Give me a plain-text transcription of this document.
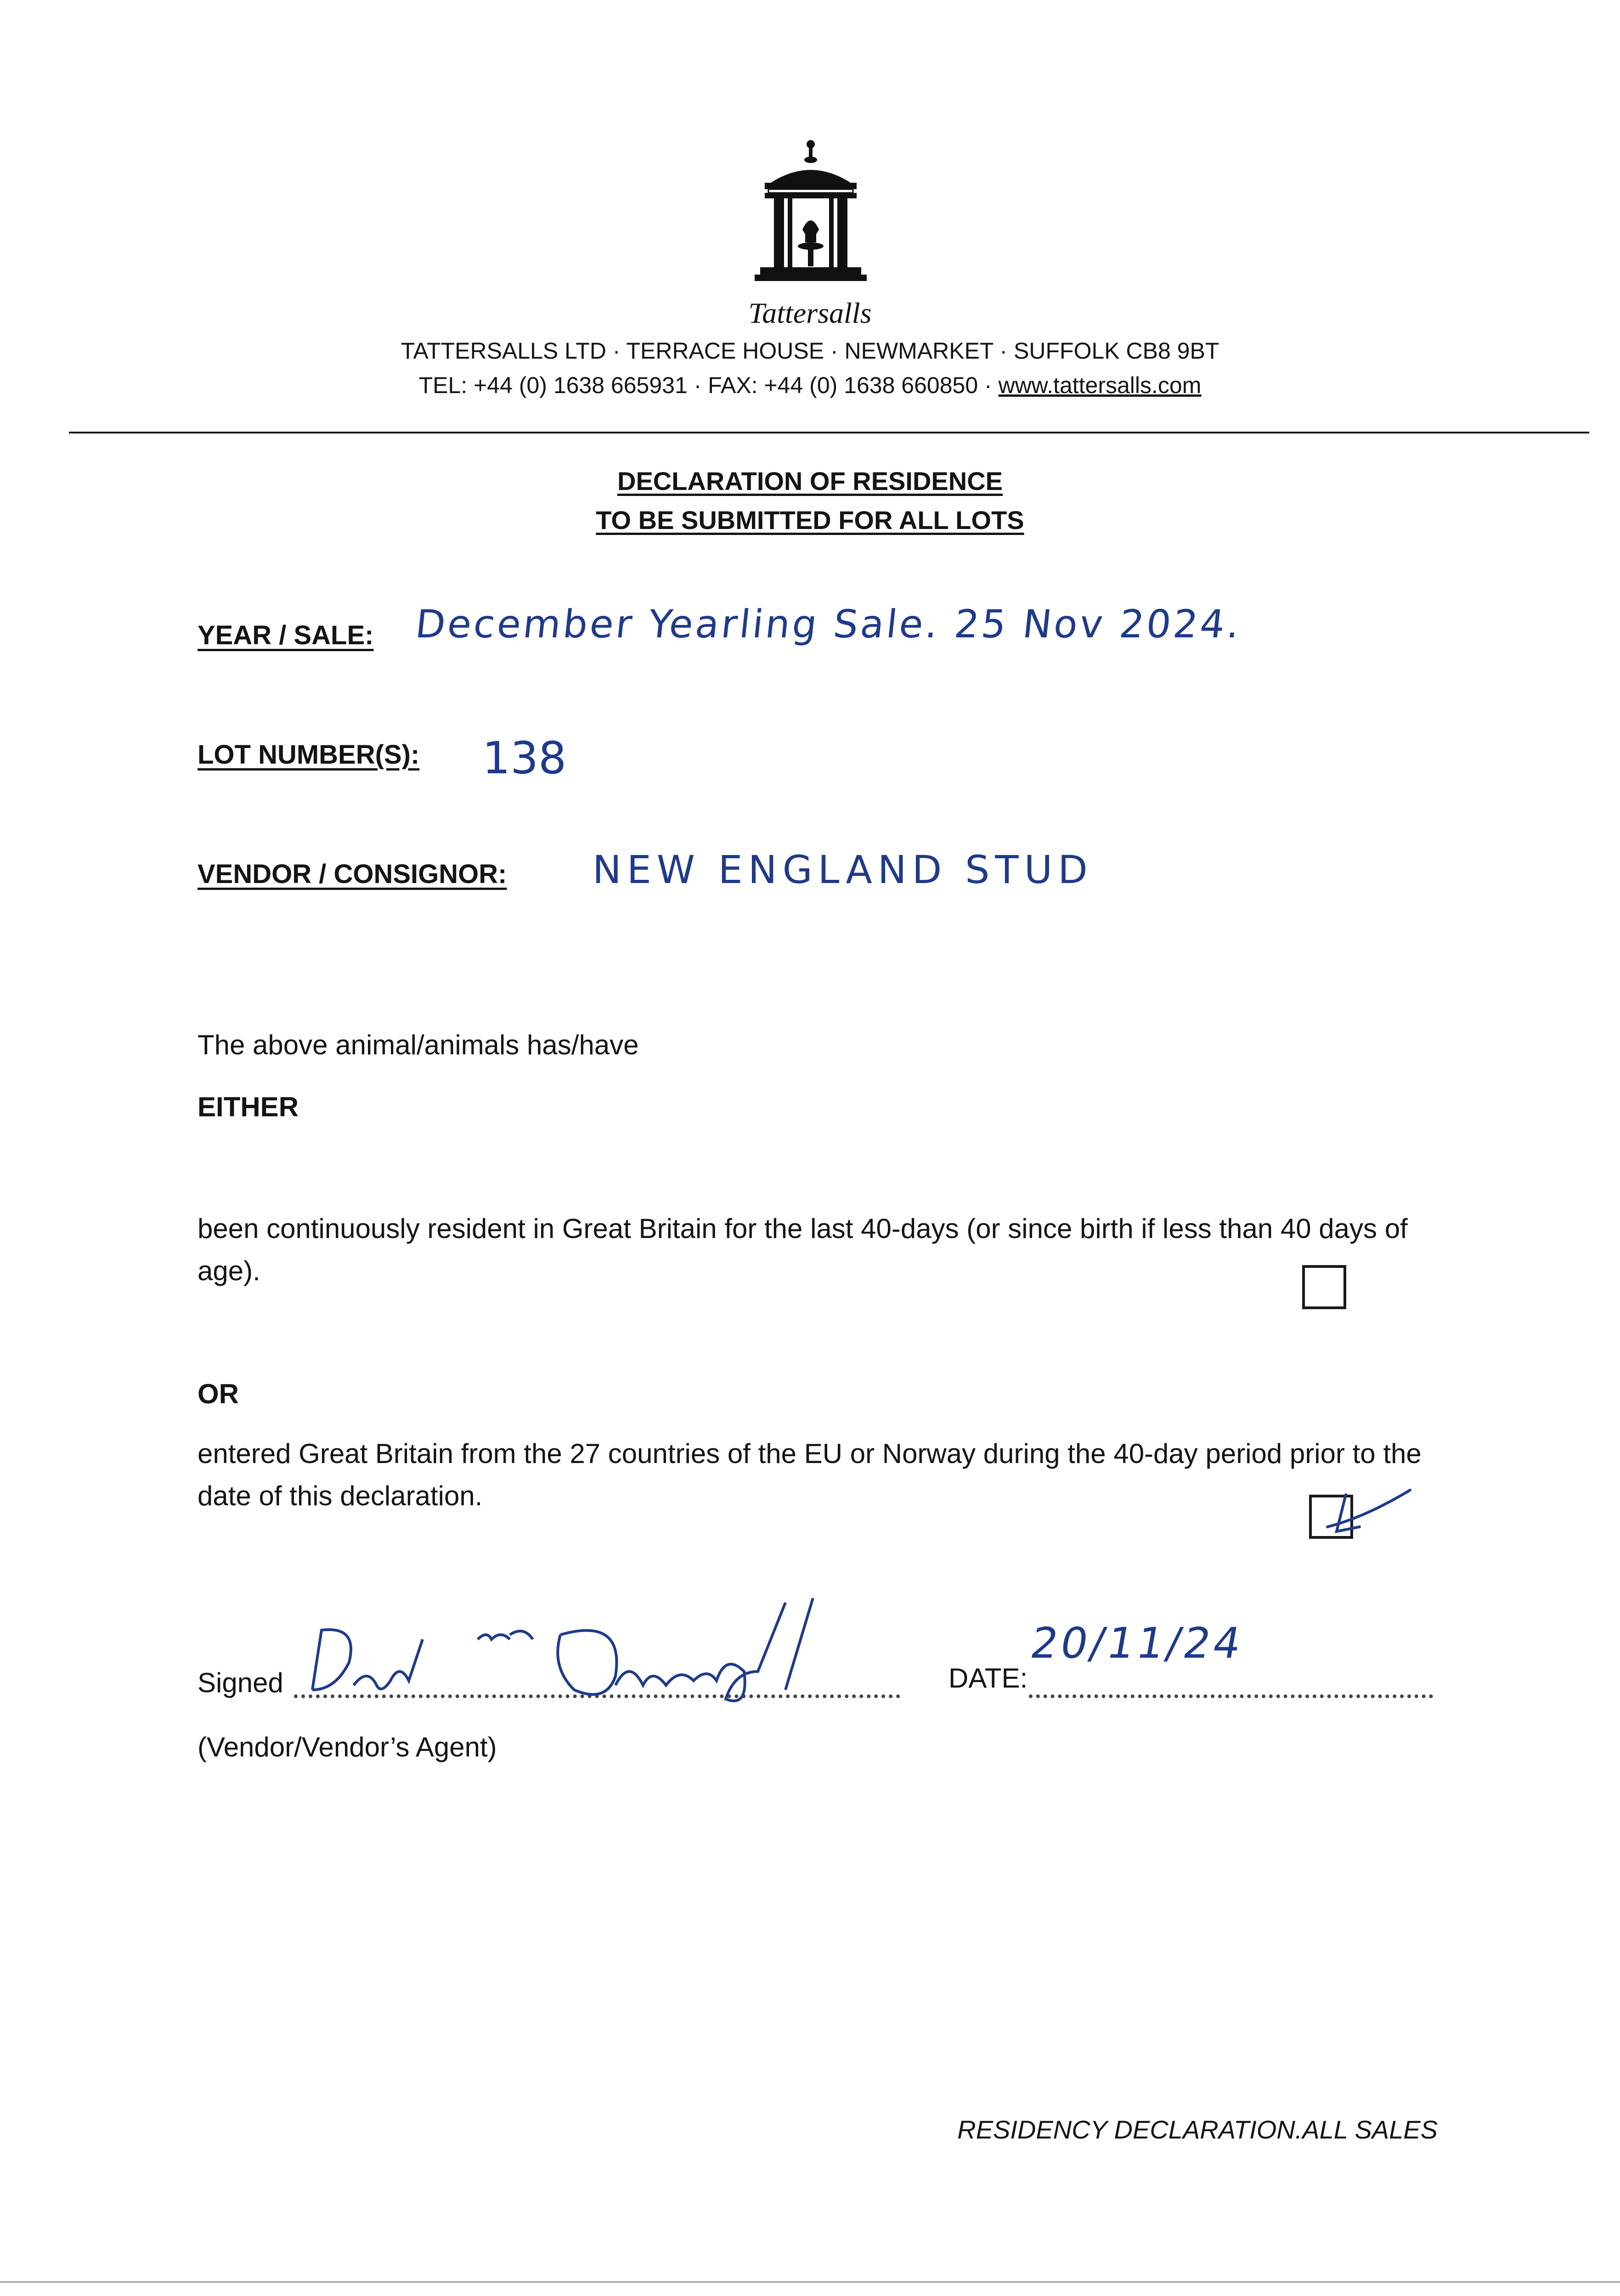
Tattersalls
TATTERSALLS LTD · TERRACE HOUSE · NEWMARKET · SUFFOLK CB8 9BT
TEL: +44 (0) 1638 665931 · FAX: +44 (0) 1638 660850 · www.tattersalls.com
DECLARATION OF RESIDENCE
TO BE SUBMITTED FOR ALL LOTS
YEAR / SALE: December Yearling Sale. 25 Nov 2024.
LOT NUMBER(S): 138
VENDOR / CONSIGNOR: NEW ENGLAND STUD
The above animal/animals has/have
EITHER
been continuously resident in Great Britain for the last 40-days (or since birth if less than 40 days of age).
OR
entered Great Britain from the 27 countries of the EU or Norway during the 40-day period prior to the date of this declaration.
Signed	DATE:
20/11/24
(Vendor/Vendor’s Agent)
RESIDENCY DECLARATION.ALL SALES
